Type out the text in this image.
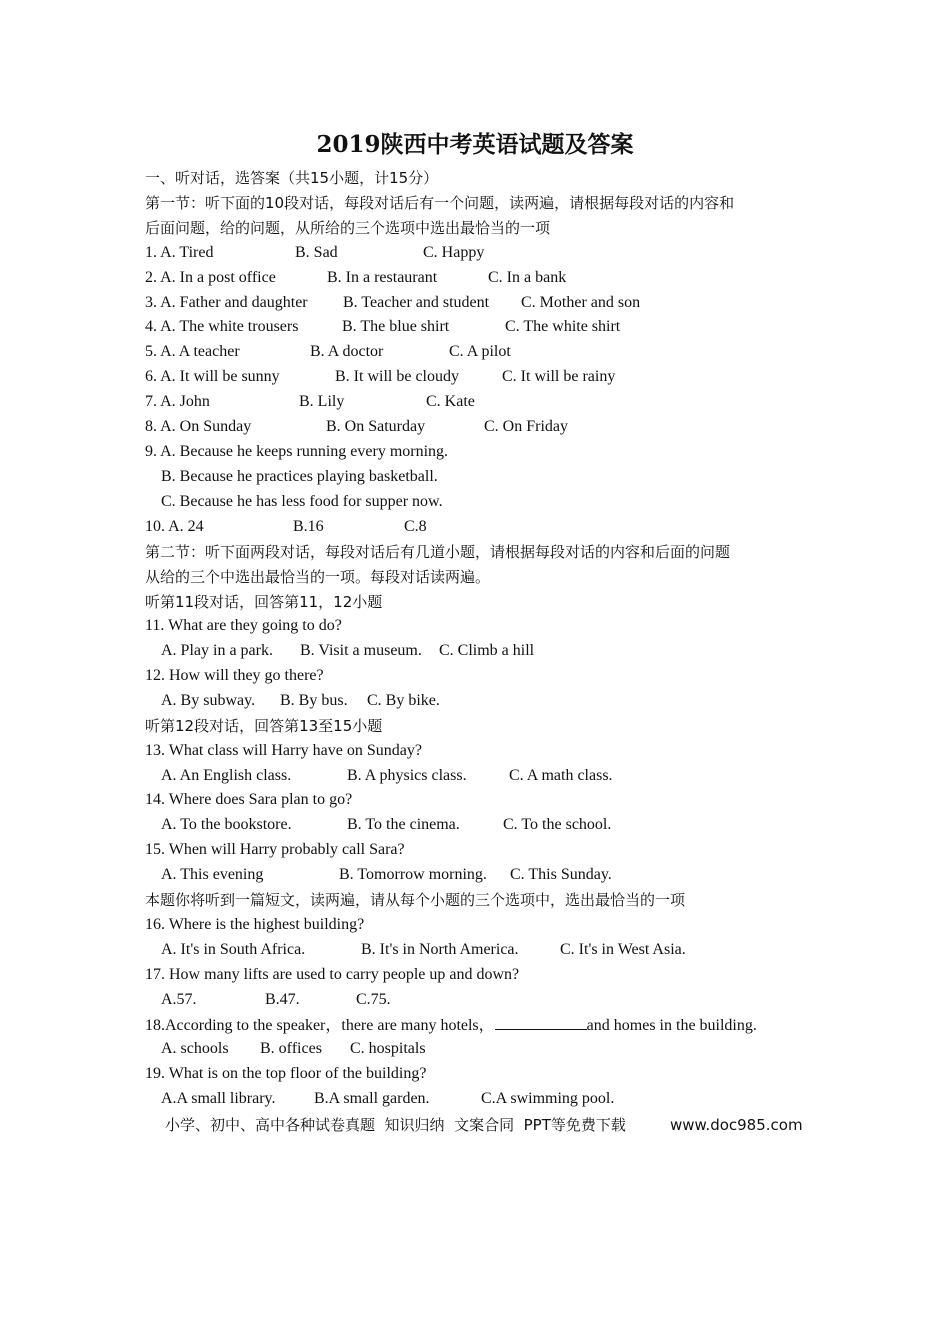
2019陕西中考英语试题及答案
一、听对话，选答案（共15小题，计15分）
第一节：听下面的10段对话，每段对话后有一个问题，读两遍，请根据每段对话的内容和
后面问题，给的问题，从所给的三个选项中选出最恰当的一项
1. A. Tired	B. Sad	C. Happy
2. A. In a post office	B. In a restaurant	C. In a bank
3. A. Father and daughter B. Teacher and student C. Mother and son
4. A. The white trousers	B. The blue shirt	C. The white shirt
5. A. A teacher	B. A doctor	C. A pilot
6. A. It will be sunny	B. It will be cloudy	C. It will be rainy
7. A. John	B. Lily	C. Kate
8. A. On Sunday	B. On Saturday	C. On Friday
9. A. Because he keeps running every morning.
B. Because he practices playing basketball.
C. Because he has less food for supper now.
10. A. 24	B.16	C.8
第二节：听下面两段对话，每段对话后有几道小题，请根据每段对话的内容和后面的问题
从给的三个中选出最恰当的一项。每段对话读两遍。
听第11段对话，回答第11，12小题
11. What are they going to do?
A. Play in a park. B. Visit a museum. C. Climb a hill
12. How will they go there?
A. By subway. B. By bus. C. By bike.
听第12段对话，回答第13至15小题
13. What class will Harry have on Sunday?
A. An English class.	B. A physics class.	C. A math class.
14. Where does Sara plan to go?
A. To the bookstore.	B. To the cinema.	C. To the school.
15. When will Harry probably call Sara?
A. This evening	B. Tomorrow morning. C. This Sunday.
本题你将听到一篇短文，读两遍，请从每个小题的三个选项中，选出最恰当的一项
16. Where is the highest building?
A. It's in South Africa.	B. It's in North America.	C. It's in West Asia.
17. How many lifts are used to carry people up and down?
A.57.	B.47.	C.75.
18.According to the speaker，there are many hotels，	and homes in the building.
A. schools B. offices C. hospitals
19. What is on the top floor of the building?
A.A small library. B.A small garden.	C.A swimming pool.
小学、初中、高中各种试卷真题  知识归纳  文案合同  PPT等免费下载	www.doc985.com
